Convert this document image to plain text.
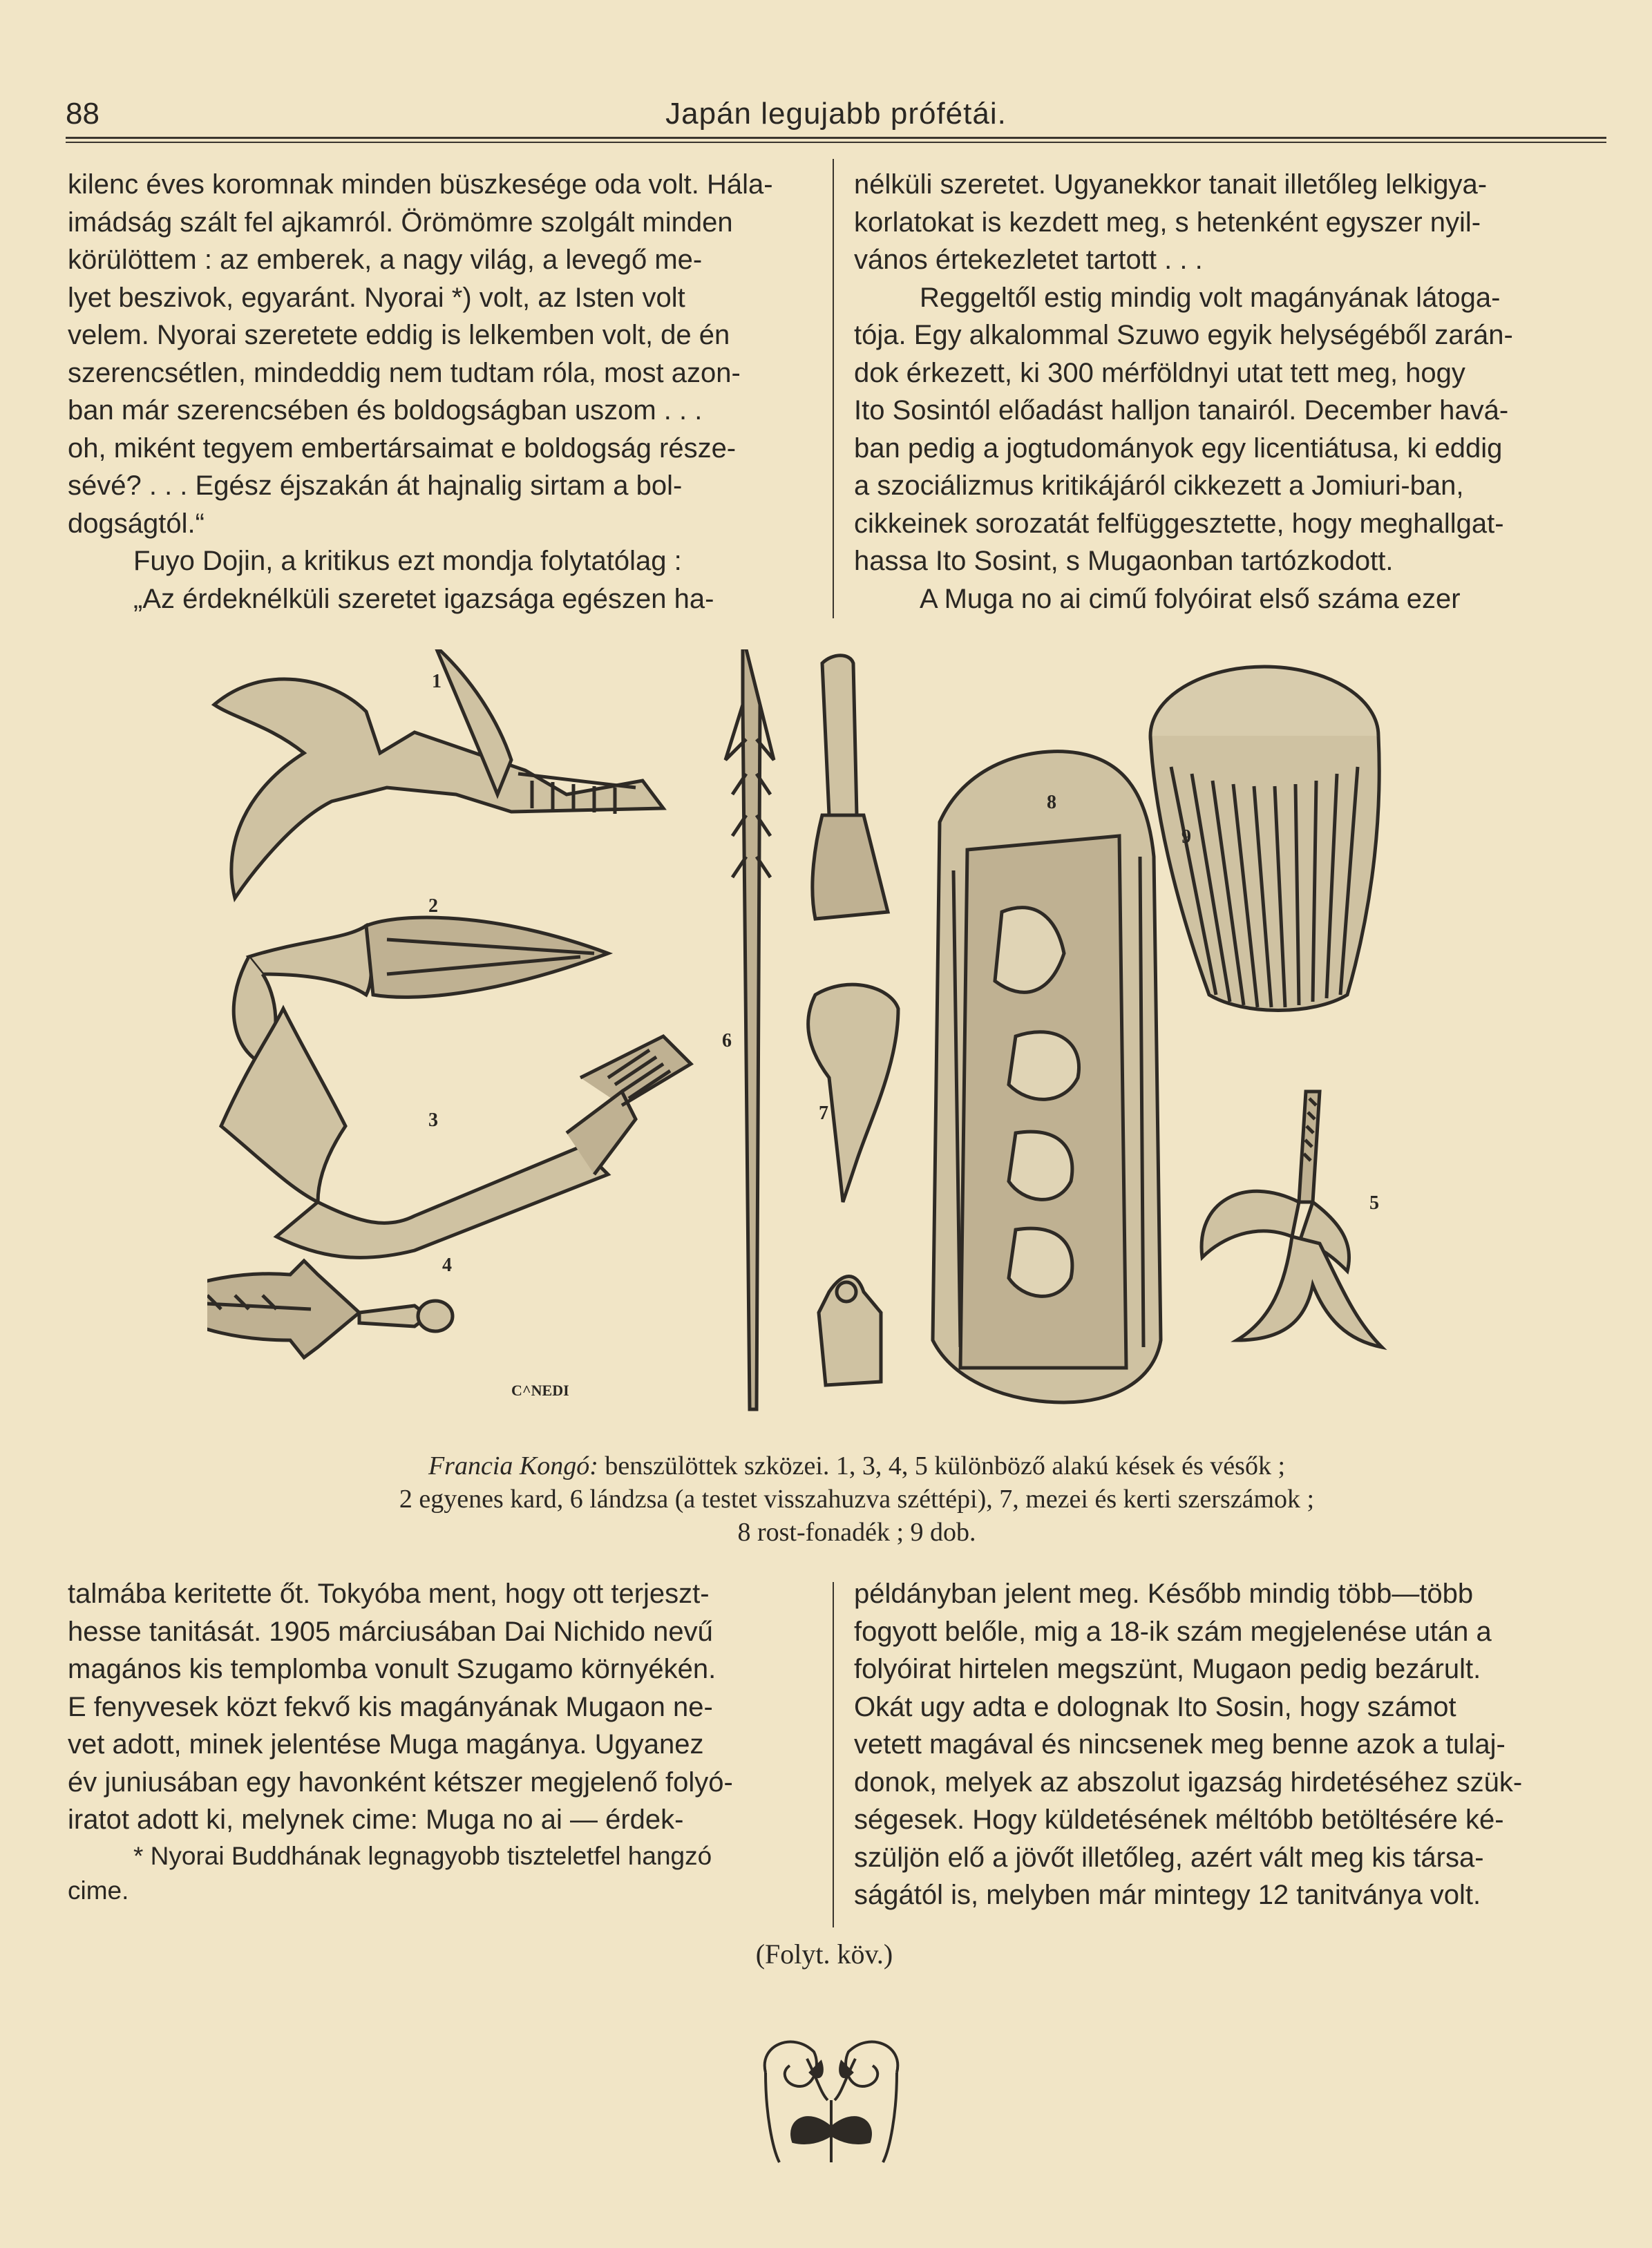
88	Japán legujabb prófétái.

kilenc éves koromnak minden büszkesége oda volt. Hála-

imádság szált fel ajkamról. Örömömre szolgált minden

körülöttem : az emberek, a nagy világ, a levegő me-

lyet beszivok, egyaránt. Nyorai *) volt, az Isten volt

velem. Nyorai szeretete eddig is lelkemben volt, de én

szerencsétlen, mindeddig nem tudtam róla, most azon-

ban már szerencsében és boldogságban uszom . . .

oh, miként tegyem embertársaimat e boldogság része-

sévé? . . . Egész éjszakán át hajnalig sirtam a bol-

dogságtól.“

Fuyo Dojin, a kritikus ezt mondja folytatólag :

„Az érdeknélküli szeretet igazsága egészen ha-

nélküli szeretet. Ugyanekkor tanait illetőleg lelkigya-

korlatokat is kezdett meg, s hetenként egyszer nyil-

vános értekezletet tartott . . .

Reggeltől estig mindig volt magányának látoga-

tója. Egy alkalommal Szuwo egyik helységéből zarán-

dok érkezett, ki 300 mérföldnyi utat tett meg, hogy

Ito Sosintól előadást halljon tanairól. December havá-

ban pedig a jogtudományok egy licentiátusa, ki eddig

a szociálizmus kritikájáról cikkezett a Jomiuri-ban,

cikkeinek sorozatát felfüggesztette, hogy meghallgat-

hassa Ito Sosint, s Mugaonban tartózkodott.

A Muga no ai cimű folyóirat első száma ezer

1
2
3
4
5
6
7
8
9
C^NEDI
Francia Kongó: benszülöttek szközei. 1, 3, 4, 5 különböző alakú kések és vésők ;
2 egyenes kard, 6 lándzsa (a testet visszahuzva széttépi), 7, mezei és kerti szerszámok ;
8 rost-fonadék ; 9 dob.

talmába keritette őt. Tokyóba ment, hogy ott terjeszt-

hesse tanitását. 1905 márciusában Dai Nichido nevű

magános kis templomba vonult Szugamo környékén.

E fenyvesek közt fekvő kis magányának Mugaon ne-

vet adott, minek jelentése Muga magánya. Ugyanez

év juniusában egy havonként kétszer megjelenő folyó-

iratot adott ki, melynek cime: Muga no ai — érdek-

* Nyorai Buddhának legnagyobb tiszteletfel hangzó

cime.

példányban jelent meg. Később mindig több—több

fogyott belőle, mig a 18-ik szám megjelenése után a

folyóirat hirtelen megszünt, Mugaon pedig bezárult.

Okát ugy adta e dolognak Ito Sosin, hogy számot

vetett magával és nincsenek meg benne azok a tulaj-

donok, melyek az abszolut igazság hirdetéséhez szük-

ségesek. Hogy küldetésének méltóbb betöltésére ké-

szüljön elő a jövőt illetőleg, azért vált meg kis társa-

ságától is, melyben már mintegy 12 tanitványa volt.

(Folyt. köv.)
